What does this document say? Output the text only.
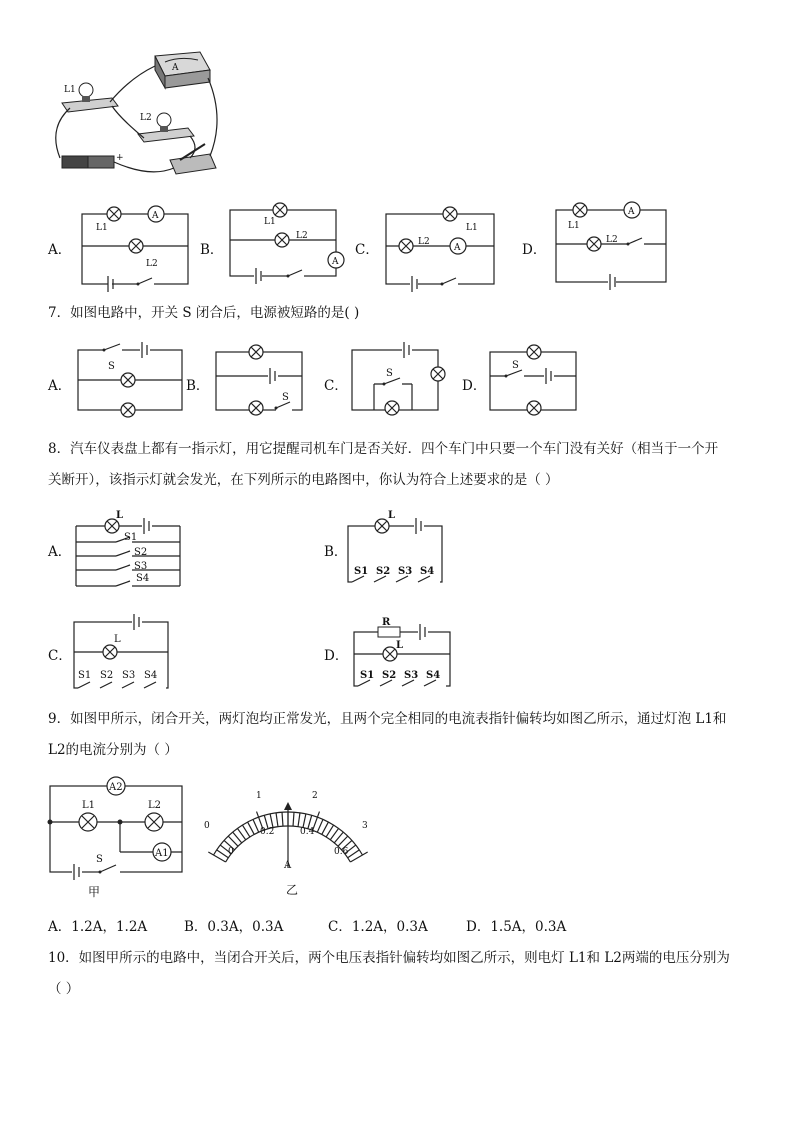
A
L1
L2
+
A．
A
L1
L2
B．
L1
L2
A
C．
L1
L2
A	D．
A
L1
L2
7．如图电路中，开关 S 闭合后，电源被短路的是( )
A．
S
B．
S
C．
S
D．
S
8．汽车仪表盘上都有一指示灯，用它提醒司机车门是否关好．四个车门中只要一个车门没有关好（相当于一个开
关断开），该指示灯就会发光，在下列所示的电路图中，你认为符合上述要求的是（ ）
A．
L
S1
S2
S3
S4
B．
L
S1 S2 S3 S4
C．
L
S1 S2 S3 S4
D．
R
L
S1 S2 S3 S4
9．如图甲所示，闭合开关，两灯泡均正常发光，且两个完全相同的电流表指针偏转均如图乙所示，通过灯泡 L1和
L2的电流分别为（ ）
A2
L1	L2
A1
S
甲
0
1	2
3
0
0.2	0.4
0.6
A
乙
A．1.2A，1.2A	B．0.3A，0.3A	C．1.2A，0.3A	D．1.5A，0.3A
10．如图甲所示的电路中，当闭合开关后，两个电压表指针偏转均如图乙所示，则电灯 L1和 L2两端的电压分别为
（ ）
